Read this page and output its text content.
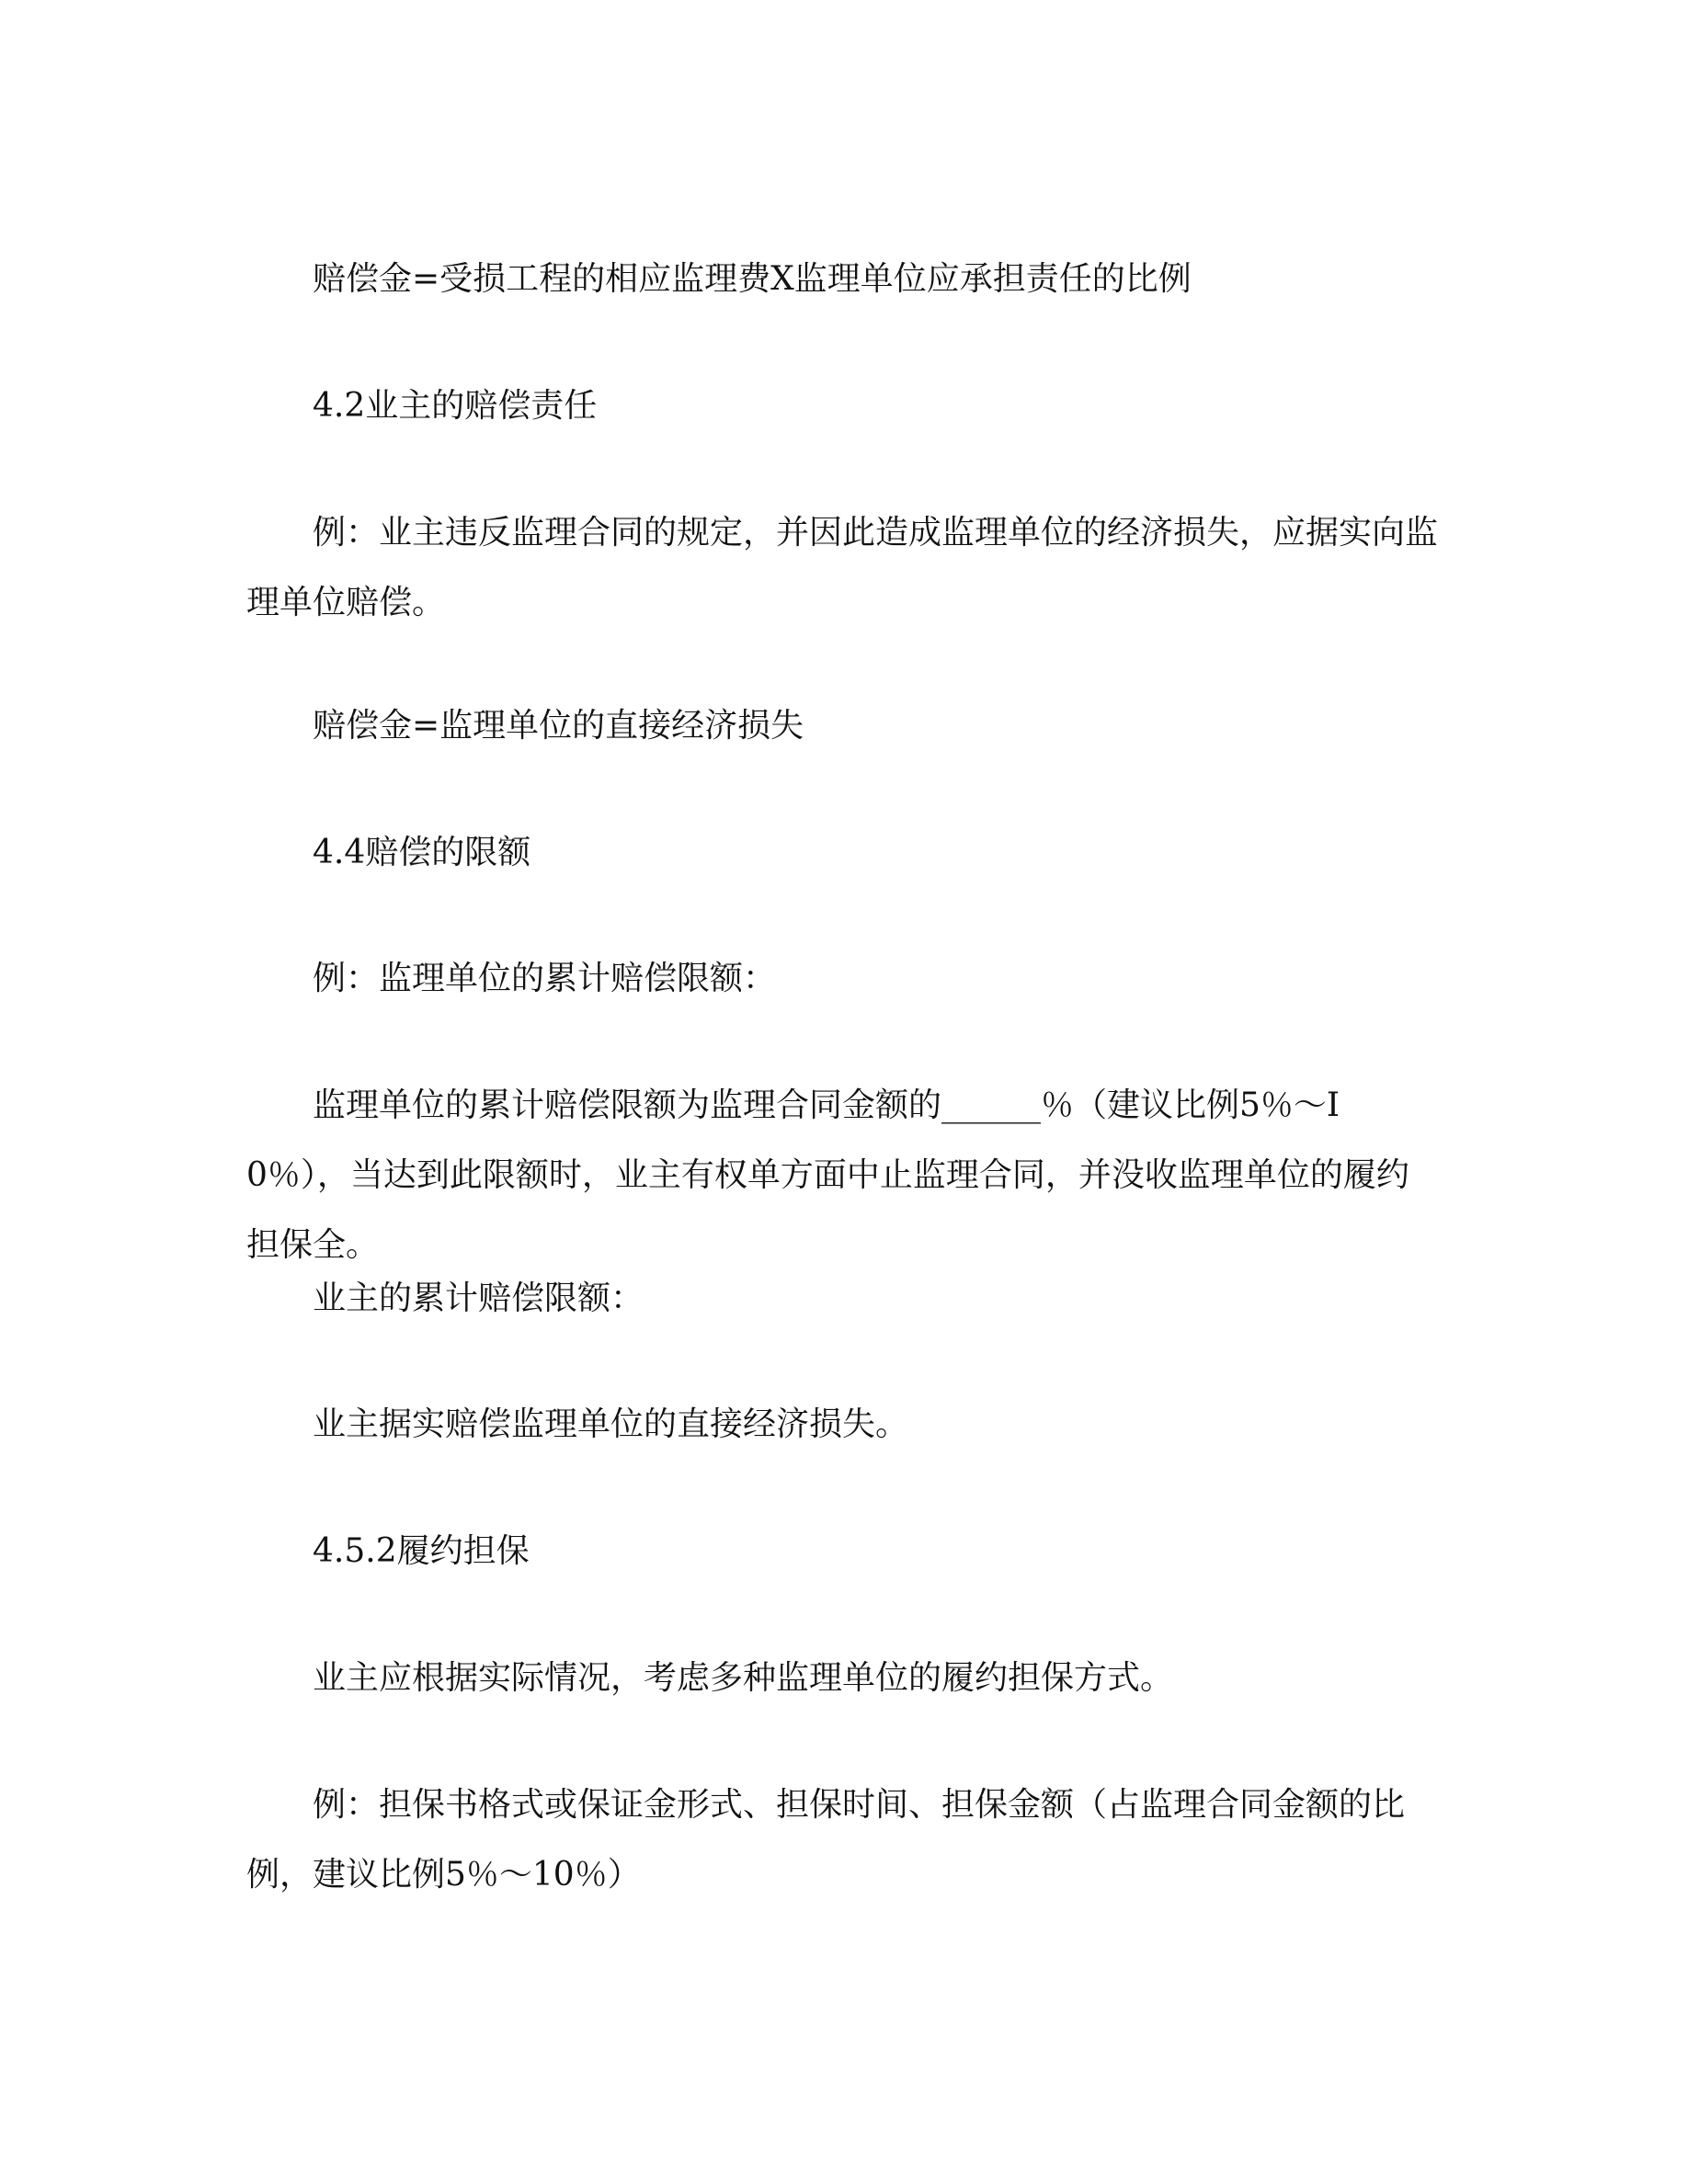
赔偿金=受损工程的相应监理费X监理单位应承担责任的比例

4.2业主的赔偿责任

例：业主违反监理合同的规定，并因此造成监理单位的经济损失，应据实向监理单位赔偿。

赔偿金=监理单位的直接经济损失

4.4赔偿的限额

例：监理单位的累计赔偿限额：

监理单位的累计赔偿限额为监理合同金额的______％（建议比例5％～I0％），当达到此限额时，业主有权单方面中止监理合同，并没收监理单位的履约担保全。

业主的累计赔偿限额：

业主据实赔偿监理单位的直接经济损失。

4.5.2履约担保

业主应根据实际情况，考虑多种监理单位的履约担保方式。

例：担保书格式或保证金形式、担保时间、担保金额（占监理合同金额的比例，建议比例5％～10％）
